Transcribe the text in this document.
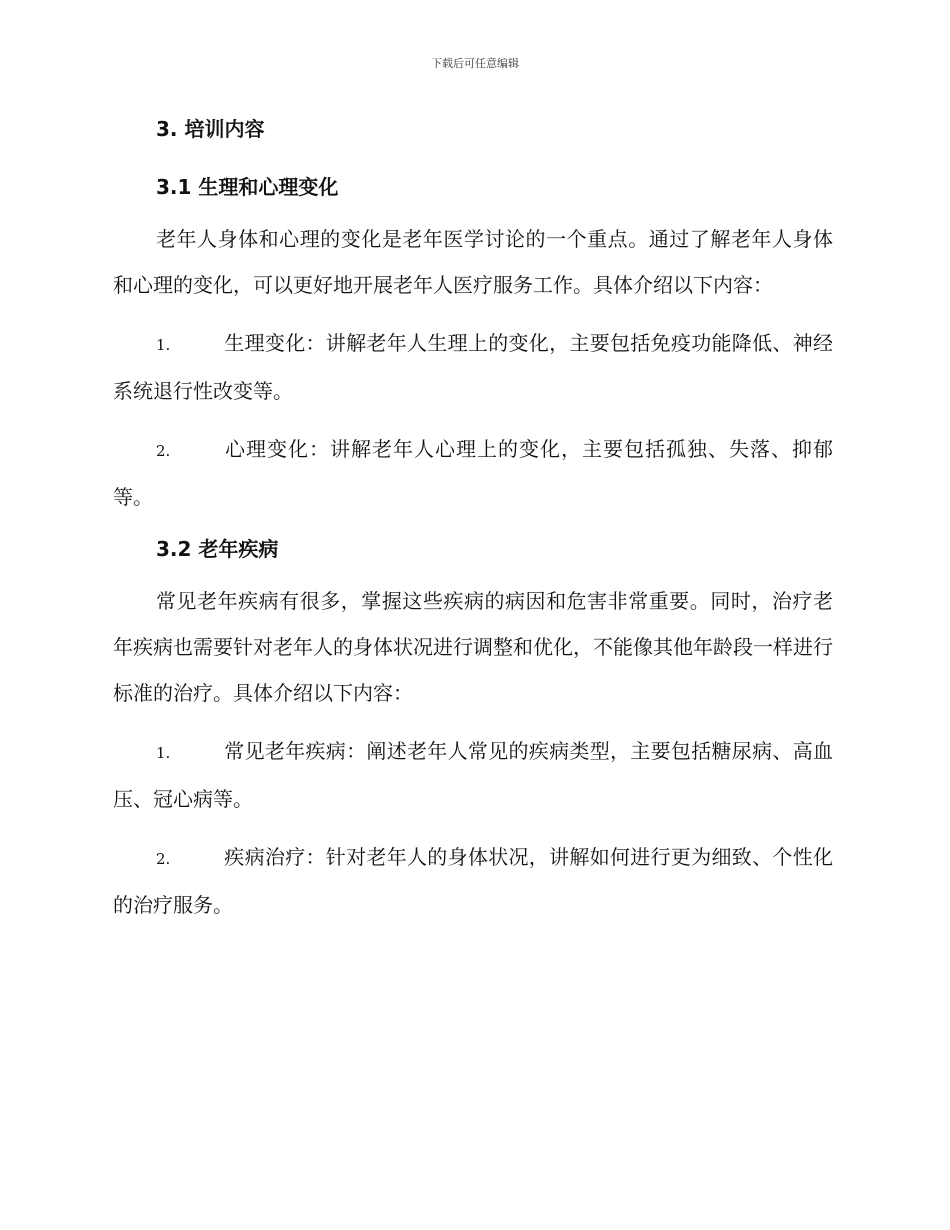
下载后可任意编辑
3. 培训内容
3.1 生理和心理变化

老年人身体和心理的变化是老年医学讨论的一个重点。通过了解老年人身体和心理的变化，可以更好地开展老年人医疗服务工作。具体介绍以下内容：

1.	生理变化：讲解老年人生理上的变化，主要包括免疫功能降低、神经系统退行性改变等。

2.	心理变化：讲解老年人心理上的变化，主要包括孤独、失落、抑郁等。

3.2 老年疾病

常见老年疾病有很多，掌握这些疾病的病因和危害非常重要。同时，治疗老年疾病也需要针对老年人的身体状况进行调整和优化，不能像其他年龄段一样进行标准的治疗。具体介绍以下内容：

1.	常见老年疾病：阐述老年人常见的疾病类型，主要包括糖尿病、高血压、冠心病等。

2.	疾病治疗：针对老年人的身体状况，讲解如何进行更为细致、个性化的治疗服务。
